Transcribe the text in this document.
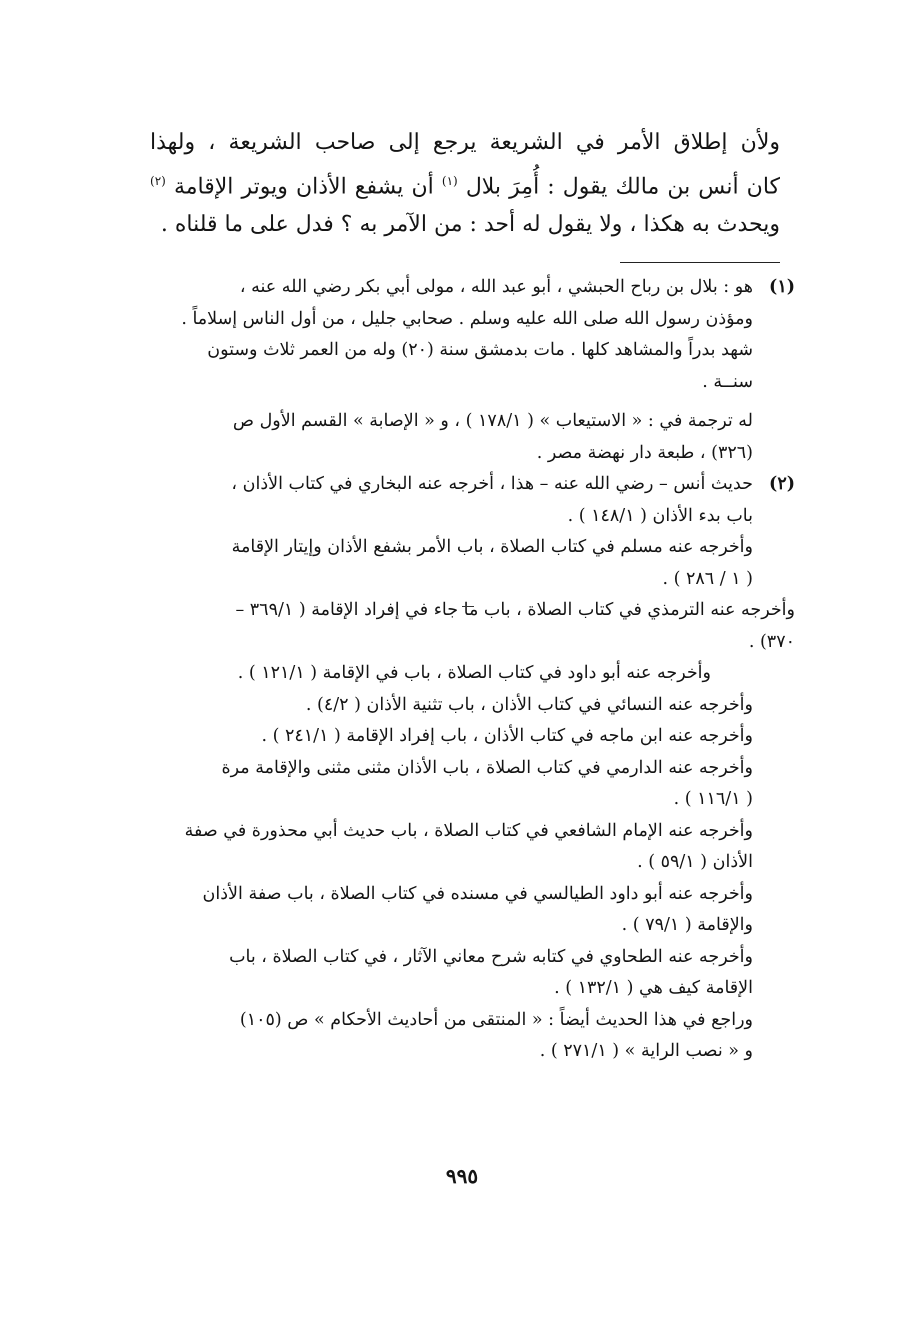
ولأن إطلاق الأمر في الشريعة يرجع إلى صاحب الشريعة ، ولهذا
كان أنس بن مالك يقول : أُمِرَ بلال $^{(١)}$ أن يشفع الأذان ويوتر الإقامة $^{(٢)}$
ويحدث به هكذا ، ولا يقول له أحد : من الآمر به ؟ فدل على ما قلناه .
(١)
هو : بلال بن رباح الحبشي ، أبو عبد الله ، مولى أبي بكر رضي الله عنه ،
ومؤذن رسول الله صلى الله عليه وسلم . صحابي جليل ، من أول الناس إسلاماً .
شهد بدراً والمشاهد كلها . مات بدمشق سنة (٢٠) وله من العمر ثلاث وستون
سنــة .
له ترجمة في : « الاستيعاب » ( ١٧٨/١ ) ، و « الإصابة » القسم الأول ص
(٣٢٦) ، طبعة دار نهضة مصر .
(٢)
حديث أنس – رضي الله عنه – هذا ، أخرجه عنه البخاري في كتاب الأذان ،
باب بدء الأذان ( ١٤٨/١ ) .
وأخرجه عنه مسلم في كتاب الصلاة ، باب الأمر بشفع الأذان وإيتار الإقامة
( ١ / ٢٨٦ ) .
وأخرجه عنه الترمذي في كتاب الصلاة ، باب ما جاء في إفراد الإقامة ( ٣٦٩/١ –
٣٧٠) .
وأخرجه عنه أبو داود في كتاب الصلاة ، باب في الإقامة ( ١٢١/١ ) .
وأخرجه عنه النسائي في كتاب الأذان ، باب تثنية الأذان ( ٤/٢) .
وأخرجه عنه ابن ماجه في كتاب الأذان ، باب إفراد الإقامة ( ٢٤١/١ ) .
وأخرجه عنه الدارمي في كتاب الصلاة ، باب الأذان مثنى مثنى والإقامة مرة
( ١١٦/١ ) .
وأخرجه عنه الإمام الشافعي في كتاب الصلاة ، باب حديث أبي محذورة في صفة
الأذان ( ٥٩/١ ) .
وأخرجه عنه أبو داود الطيالسي في مسنده في كتاب الصلاة ، باب صفة الأذان
والإقامة ( ٧٩/١ ) .
وأخرجه عنه الطحاوي في كتابه شرح معاني الآثار ، في كتاب الصلاة ، باب
الإقامة كيف هي ( ١٣٢/١ ) .
وراجع في هذا الحديث أيضاً : « المنتقى من أحاديث الأحكام » ص (١٠٥)
و « نصب الراية » ( ٢٧١/١ ) .
٩٩٥
